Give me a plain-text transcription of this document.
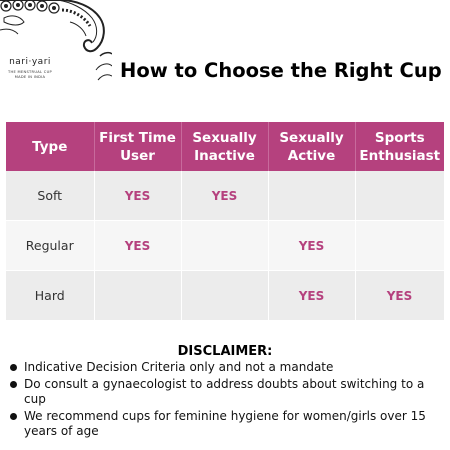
nari·yari
THE MENSTRUAL CUP
MADE IN INDIA	How to Choose the Right Cup
Type	First Time User	Sexually Inactive	Sexually Active	Sports Enthusiast
Soft	YES	YES		
Regular	YES		YES	
Hard			YES	YES
DISCLAIMER:
Indicative Decision Criteria only and not a mandate
Do consult a gynaecologist to address doubts about switching to a cup
We recommend cups for feminine hygiene for women/girls over 15 years of age
